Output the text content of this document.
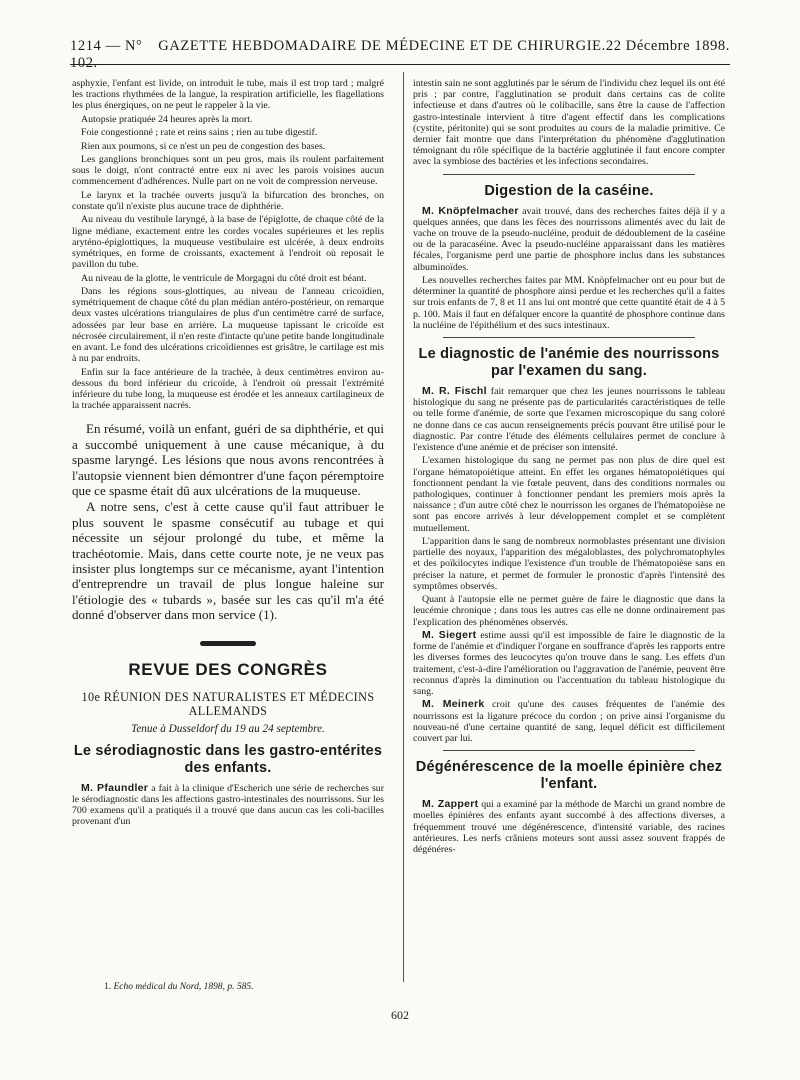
1214 — N° 102.
GAZETTE HEBDOMADAIRE DE MÉDECINE ET DE CHIRURGIE. 22 Décembre 1898.

asphyxie, l'enfant est livide, on introduit le tube, mais il est trop tard ; malgré les tractions rhythmées de la langue, la respiration artificielle, les flagellations les plus énergiques, on ne peut le rappeler à la vie.

Autopsie pratiquée 24 heures après la mort.

Foie congestionné ; rate et reins sains ; rien au tube digestif.

Rien aux poumons, si ce n'est un peu de congestion des bases.

Les ganglions bronchiques sont un peu gros, mais ils roulent parfaitement sous le doigt, n'ont contracté entre eux ni avec les parois voisines aucun commencement d'adhérences. Nulle part on ne voit de compression nerveuse.

Le larynx et la trachée ouverts jusqu'à la bifurcation des bronches, on constate qu'il n'existe plus aucune trace de diphthérie.

Au niveau du vestibule laryngé, à la base de l'épiglotte, de chaque côté de la ligne médiane, exactement entre les cordes vocales supérieures et les replis aryténo-épiglottiques, la muqueuse vestibulaire est ulcérée, à deux endroits symétriques, en forme de croissants, exactement à l'endroit où reposait le pavillon du tube.

Au niveau de la glotte, le ventricule de Morgagni du côté droit est béant.

Dans les régions sous-glottiques, au niveau de l'anneau cricoïdien, symétriquement de chaque côté du plan médian antéro-postérieur, on remarque deux vastes ulcérations triangulaires de plus d'un centimètre carré de surface, adossées par leur base en arrière. La muqueuse tapissant le cricoïde est nécrosée circulairement, il n'en reste d'intacte qu'une petite bande longitudinale en avant. Le fond des ulcérations cricoïdiennes est grisâtre, le cartilage est mis à nu par endroits.

Enfin sur la face antérieure de la trachée, à deux centimètres environ au-dessous du bord inférieur du cricoïde, à l'endroit où pressait l'extrémité inférieure du tube long, la muqueuse est érodée et les anneaux cartilagineux de la trachée apparaissent nacrés.

En résumé, voilà un enfant, guéri de sa diphthérie, et qui a succombé uniquement à une cause mécanique, à du spasme laryngé. Les lésions que nous avons rencontrées à l'autopsie viennent bien démontrer d'une façon péremptoire que ce spasme était dû aux ulcérations de la muqueuse.

A notre sens, c'est à cette cause qu'il faut attribuer le plus souvent le spasme consécutif au tubage et qui nécessite un séjour prolongé du tube, et même la trachéotomie. Mais, dans cette courte note, je ne veux pas insister plus longtemps sur ce mécanisme, ayant l'intention d'entreprendre un travail de plus longue haleine sur l'étiologie des « tubards », basée sur les cas qu'il m'a été donné d'observer dans mon service (1).

REVUE DES CONGRÈS
10e RÉUNION DES NATURALISTES ET MÉDECINS ALLEMANDS
Tenue à Dusseldorf du 19 au 24 septembre.
Le sérodiagnostic dans les gastro-entérites des enfants.

M. Pfaundler a fait à la clinique d'Escherich une série de recherches sur le sérodiagnostic dans les affections gastro-intestinales des nourrissons. Sur les 700 examens qu'il a pratiqués il a trouvé que dans aucun cas les coli-bacilles provenant d'un

intestin sain ne sont agglutinés par le sérum de l'individu chez lequel ils ont été pris ; par contre, l'agglutination se produit dans certains cas de colite infectieuse et dans d'autres où le colibacille, sans être la cause de l'affection gastro-intestinale intervient à titre d'agent effectif dans les complications (cystite, péritonite) qui se sont produites au cours de la maladie primitive. Ce dernier fait montre que dans l'interprétation du phénomène d'agglutination témoignant du rôle spécifique de la bactérie agglutinée il faut encore compter avec la symbiose des bactéries et les infections secondaires.

Digestion de la caséine.

M. Knöpfelmacher avait trouvé, dans des recherches faites déjà il y a quelques années, que dans les fèces des nourrissons alimentés avec du lait de vache on trouve de la pseudo-nucléine, produit de dédoublement de la caséine ou de la paracaséine. Avec la pseudo-nucléine apparaissant dans les matières fécales, l'organisme perd une partie de phosphore inclus dans les substances albuminoïdes.

Les nouvelles recherches faites par MM. Knöpfelmacher ont eu pour but de déterminer la quantité de phosphore ainsi perdue et les recherches qu'il a faites sur trois enfants de 7, 8 et 11 ans lui ont montré que cette quantité était de 4 à 5 p. 100. Mais il faut en défalquer encore la quantité de phosphore continue dans la nucléine de l'épithélium et des sucs intestinaux.

Le diagnostic de l'anémie des nourrissons par l'examen du sang.

M. R. Fischl fait remarquer que chez les jeunes nourrissons le tableau histologique du sang ne présente pas de particularités caractéristiques de telle ou telle forme d'anémie, de sorte que l'examen microscopique du sang coloré ne donne dans ce cas aucun renseignements précis pouvant être utilisé pour le diagnostic. Par contre l'étude des éléments cellulaires permet de conclure à l'existence d'une anémie et de préciser son intensité.

L'examen histologique du sang ne permet pas non plus de dire quel est l'organe hématopoiétique atteint. En effet les organes hématopoiétiques qui fonctionnent pendant la vie fœtale peuvent, dans des conditions normales ou pathologiques, continuer à fonctionner pendant les premiers mois après la naissance ; d'un autre côté chez le nourrisson les organes de l'hématopoièse ne sont pas encore arrivés à leur développement complet et se complètent mutuellement.

L'apparition dans le sang de nombreux normoblastes présentant une division partielle des noyaux, l'apparition des mégaloblastes, des polychromatophyles et des poïkilocytes indique l'existence d'un trouble de l'hématopoièse sans en préciser la nature, et permet de formuler le pronostic d'après l'intensité des symptômes observés.

Quant à l'autopsie elle ne permet guère de faire le diagnostic que dans la leucémie chronique ; dans tous les autres cas elle ne donne ordinairement pas l'explication des phénomènes observés.

M. Siegert estime aussi qu'il est impossible de faire le diagnostic de la forme de l'anémie et d'indiquer l'organe en souffrance d'après les rapports entre les diverses formes des leucocytes qu'on trouve dans le sang. Les effets d'un traitement, c'est-à-dire l'amélioration ou l'aggravation de l'anémie, peuvent être reconnus d'après la diminution ou l'accentuation du tableau histologique du sang.

M. Meinerk croit qu'une des causes fréquentes de l'anémie des nourrissons est la ligature précoce du cordon ; on prive ainsi l'organisme du nouveau-né d'une certaine quantité de sang, lequel déficit est difficilement couvert par lui.

Dégénérescence de la moelle épinière chez l'enfant.

M. Zappert qui a examiné par la méthode de Marchi un grand nombre de moelles épinières des enfants ayant succombé à des affections diverses, a fréquemment trouvé une dégénérescence, d'intensité variable, des racines antérieures. Les nerfs crâniens moteurs sont aussi assez souvent frappés de dégénéres-

1. Echo médical du Nord, 1898, p. 585.
602
